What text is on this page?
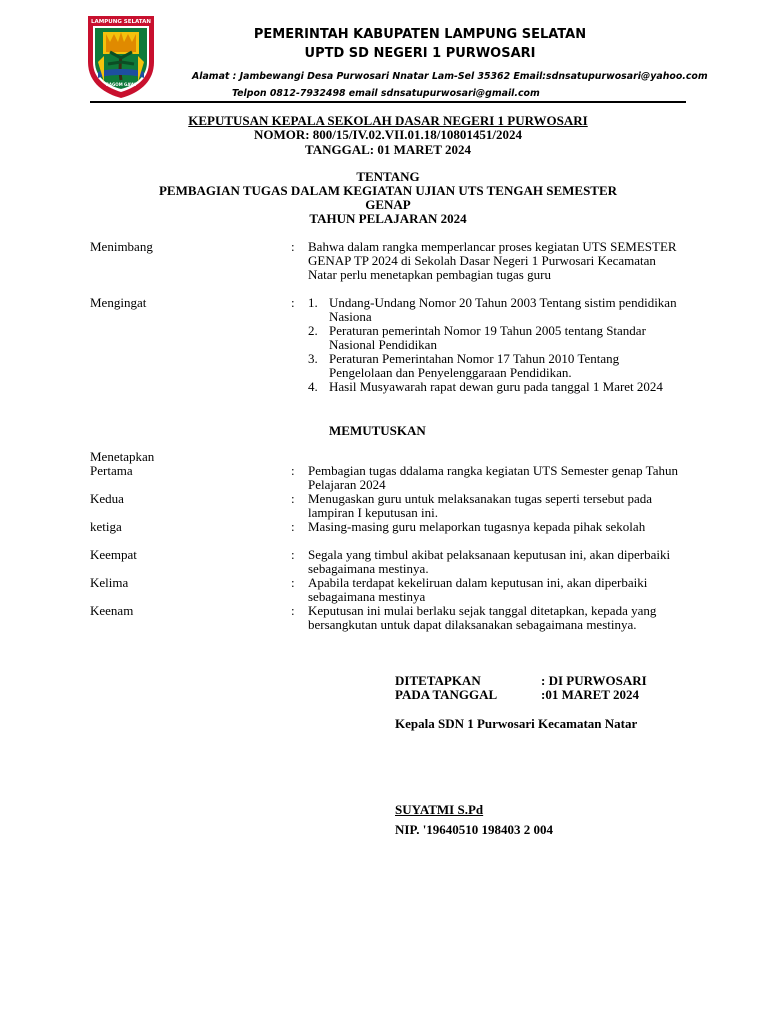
LAMPUNG SELATAN
RAGOM GAWI
PEMERINTAH KABUPATEN LAMPUNG SELATAN
UPTD SD NEGERI 1 PURWOSARI
Alamat : Jambewangi Desa Purwosari Nnatar Lam-Sel 35362 Email:sdnsatupurwosari@yahoo.com
Telpon 0812-7932498 email sdnsatupurwosari@gmail.com
KEPUTUSAN KEPALA SEKOLAH DASAR NEGERI 1 PURWOSARI
NOMOR: 800/15/IV.02.VII.01.18/10801451/2024
TANGGAL: 01 MARET 2024
TENTANG
PEMBAGIAN TUGAS DALAM KEGIATAN UJIAN UTS TENGAH SEMESTER
GENAP
TAHUN PELAJARAN 2024
Menimbang	: Bahwa dalam rangka memperlancar proses kegiatan UTS SEMESTER GENAP TP 2024 di Sekolah Dasar Negeri 1 Purwosari Kecamatan Natar perlu menetapkan pembagian tugas guru
Mengingat	: 1. Undang-Undang Nomor 20 Tahun 2003 Tentang sistim pendidikan Nasiona
2. Peraturan pemerintah Nomor 19 Tahun 2005 tentang Standar Nasional Pendidikan
3. Peraturan Pemerintahan Nomor 17 Tahun 2010 Tentang Pengelolaan dan Penyelenggaraan Pendidikan.
4. Hasil Musyawarah rapat dewan guru pada tanggal 1 Maret 2024
MEMUTUSKAN
Menetapkan
Pertama	: Pembagian tugas ddalama rangka kegiatan UTS Semester genap Tahun Pelajaran 2024
Kedua	: Menugaskan guru untuk melaksanakan tugas seperti tersebut pada lampiran I keputusan ini.
ketiga	: Masing-masing guru melaporkan tugasnya kepada pihak sekolah
Keempat	: Segala yang timbul akibat pelaksanaan keputusan ini, akan diperbaiki sebagaimana mestinya.
Kelima	: Apabila terdapat kekeliruan dalam keputusan ini, akan diperbaiki sebagaimana mestinya
Keenam	: Keputusan ini mulai berlaku sejak tanggal ditetapkan, kepada yang bersangkutan untuk dapat dilaksanakan sebagaimana mestinya.
DITETAPKAN	: DI PURWOSARI
PADA TANGGAL	:01 MARET 2024
Kepala SDN 1 Purwosari Kecamatan Natar
SUYATMI S.Pd
NIP. '19640510 198403 2 004
